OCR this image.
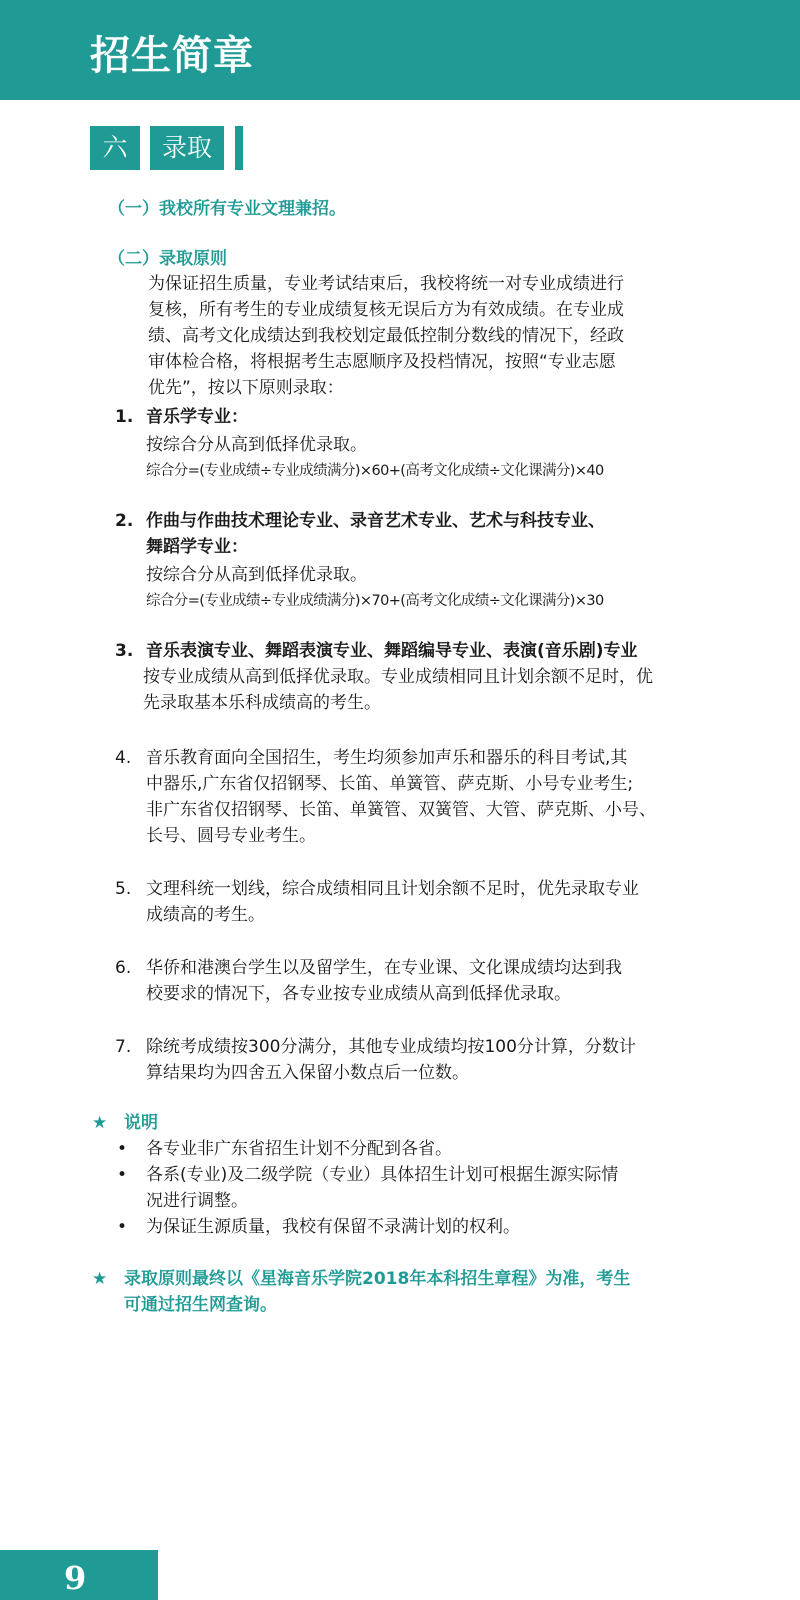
招生简章
六	录取
（一）我校所有专业文理兼招。
（二）录取原则
为保证招生质量，专业考试结束后，我校将统一对专业成绩进行
复核，所有考生的专业成绩复核无误后方为有效成绩。在专业成
绩、高考文化成绩达到我校划定最低控制分数线的情况下，经政
审体检合格，将根据考生志愿顺序及投档情况，按照“专业志愿
优先”，按以下原则录取：
1. 音乐学专业：
按综合分从高到低择优录取。
综合分=(专业成绩÷专业成绩满分)×60+(高考文化成绩÷文化课满分)×40
2. 作曲与作曲技术理论专业、录音艺术专业、艺术与科技专业、
舞蹈学专业：
按综合分从高到低择优录取。
综合分=(专业成绩÷专业成绩满分)×70+(高考文化成绩÷文化课满分)×30
3. 音乐表演专业、舞蹈表演专业、舞蹈编导专业、表演(音乐剧)专业
按专业成绩从高到低择优录取。专业成绩相同且计划余额不足时，优
先录取基本乐科成绩高的考生。
4. 音乐教育面向全国招生，考生均须参加声乐和器乐的科目考试,其
中器乐,广东省仅招钢琴、长笛、单簧管、萨克斯、小号专业考生;
非广东省仅招钢琴、长笛、单簧管、双簧管、大管、萨克斯、小号、
长号、圆号专业考生。
5. 文理科统一划线，综合成绩相同且计划余额不足时，优先录取专业
成绩高的考生。
6. 华侨和港澳台学生以及留学生，在专业课、文化课成绩均达到我
校要求的情况下，各专业按专业成绩从高到低择优录取。
7. 除统考成绩按300分满分，其他专业成绩均按100分计算，分数计
算结果均为四舍五入保留小数点后一位数。
★ 说明
• 各专业非广东省招生计划不分配到各省。
• 各系(专业)及二级学院（专业）具体招生计划可根据生源实际情
况进行调整。
• 为保证生源质量，我校有保留不录满计划的权利。
★ 录取原则最终以《星海音乐学院2018年本科招生章程》为准，考生
可通过招生网查询。
9
